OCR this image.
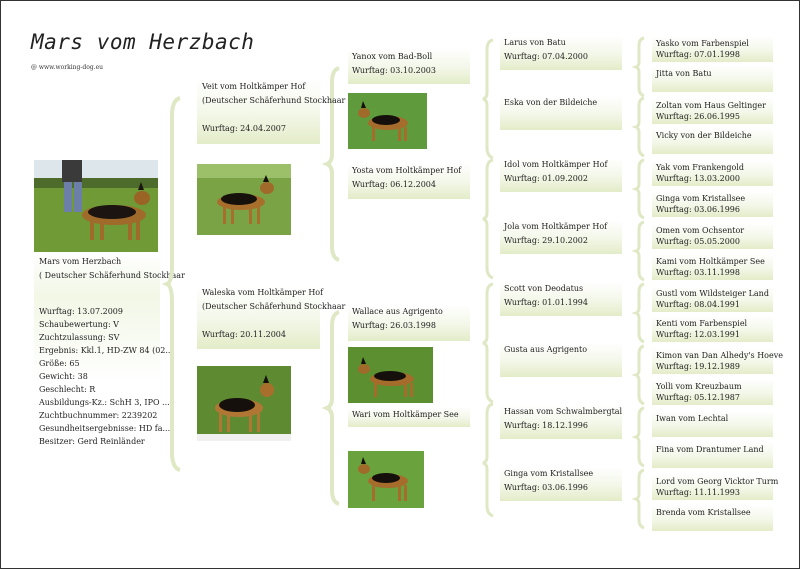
Mars vom Herzbach
@ www.working-dog.eu
Mars vom Herzbach
( Deutscher Schäferhund Stockhaar
Wurftag: 13.07.2009
Schaubewertung: V
Zuchtzulassung: SV
Ergebnis: Kkl.1, HD-ZW 84 (02...
Größe: 65
Gewicht: 38
Geschlecht: R
Ausbildungs-Kz.: SchH 3, IPO ...
Zuchtbuchnummer: 2239202
Gesundheitsergebnisse: HD fa...
Besitzer: Gerd Reinländer
Veit vom Holtkämper Hof
(Deutscher Schäferhund Stockhaar
Wurftag: 24.04.2007
Waleska vom Holtkämper Hof
(Deutscher Schäferhund Stockhaar
Wurftag: 20.11.2004
Yanox vom Bad-Boll
Wurftag: 03.10.2003
Yosta vom Holtkämper Hof
Wurftag: 06.12.2004
Wallace aus Agrigento
Wurftag: 26.03.1998
Wari vom Holtkämper See
Larus von Batu
Wurftag: 07.04.2000
Eska von der Bildeiche
Idol vom Holtkämper Hof
Wurftag: 01.09.2002
Jola vom Holtkämper Hof
Wurftag: 29.10.2002
Scott von Deodatus
Wurftag: 01.01.1994
Gusta aus Agrigento
Hassan vom Schwalmbergtal
Wurftag: 18.12.1996
Ginga vom Kristallsee
Wurftag: 03.06.1996
Yasko vom Farbenspiel
Wurftag: 07.01.1998
Jitta von Batu
Zoltan vom Haus Geltinger
Wurftag: 26.06.1995
Vicky von der Bildeiche
Yak vom Frankengold
Wurftag: 13.03.2000
Ginga vom Kristallsee
Wurftag: 03.06.1996
Omen vom Ochsentor
Wurftag: 05.05.2000
Kami vom Holtkämper See
Wurftag: 03.11.1998
Gustl vom Wildsteiger Land
Wurftag: 08.04.1991
Kenti vom Farbenspiel
Wurftag: 12.03.1991
Kimon van Dan Alhedy's Hoeve
Wurftag: 19.12.1989
Yolli vom Kreuzbaum
Wurftag: 05.12.1987
Iwan vom Lechtal
Fina vom Drantumer Land
Lord vom Georg Vicktor Turm
Wurftag: 11.11.1993
Brenda vom Kristallsee
